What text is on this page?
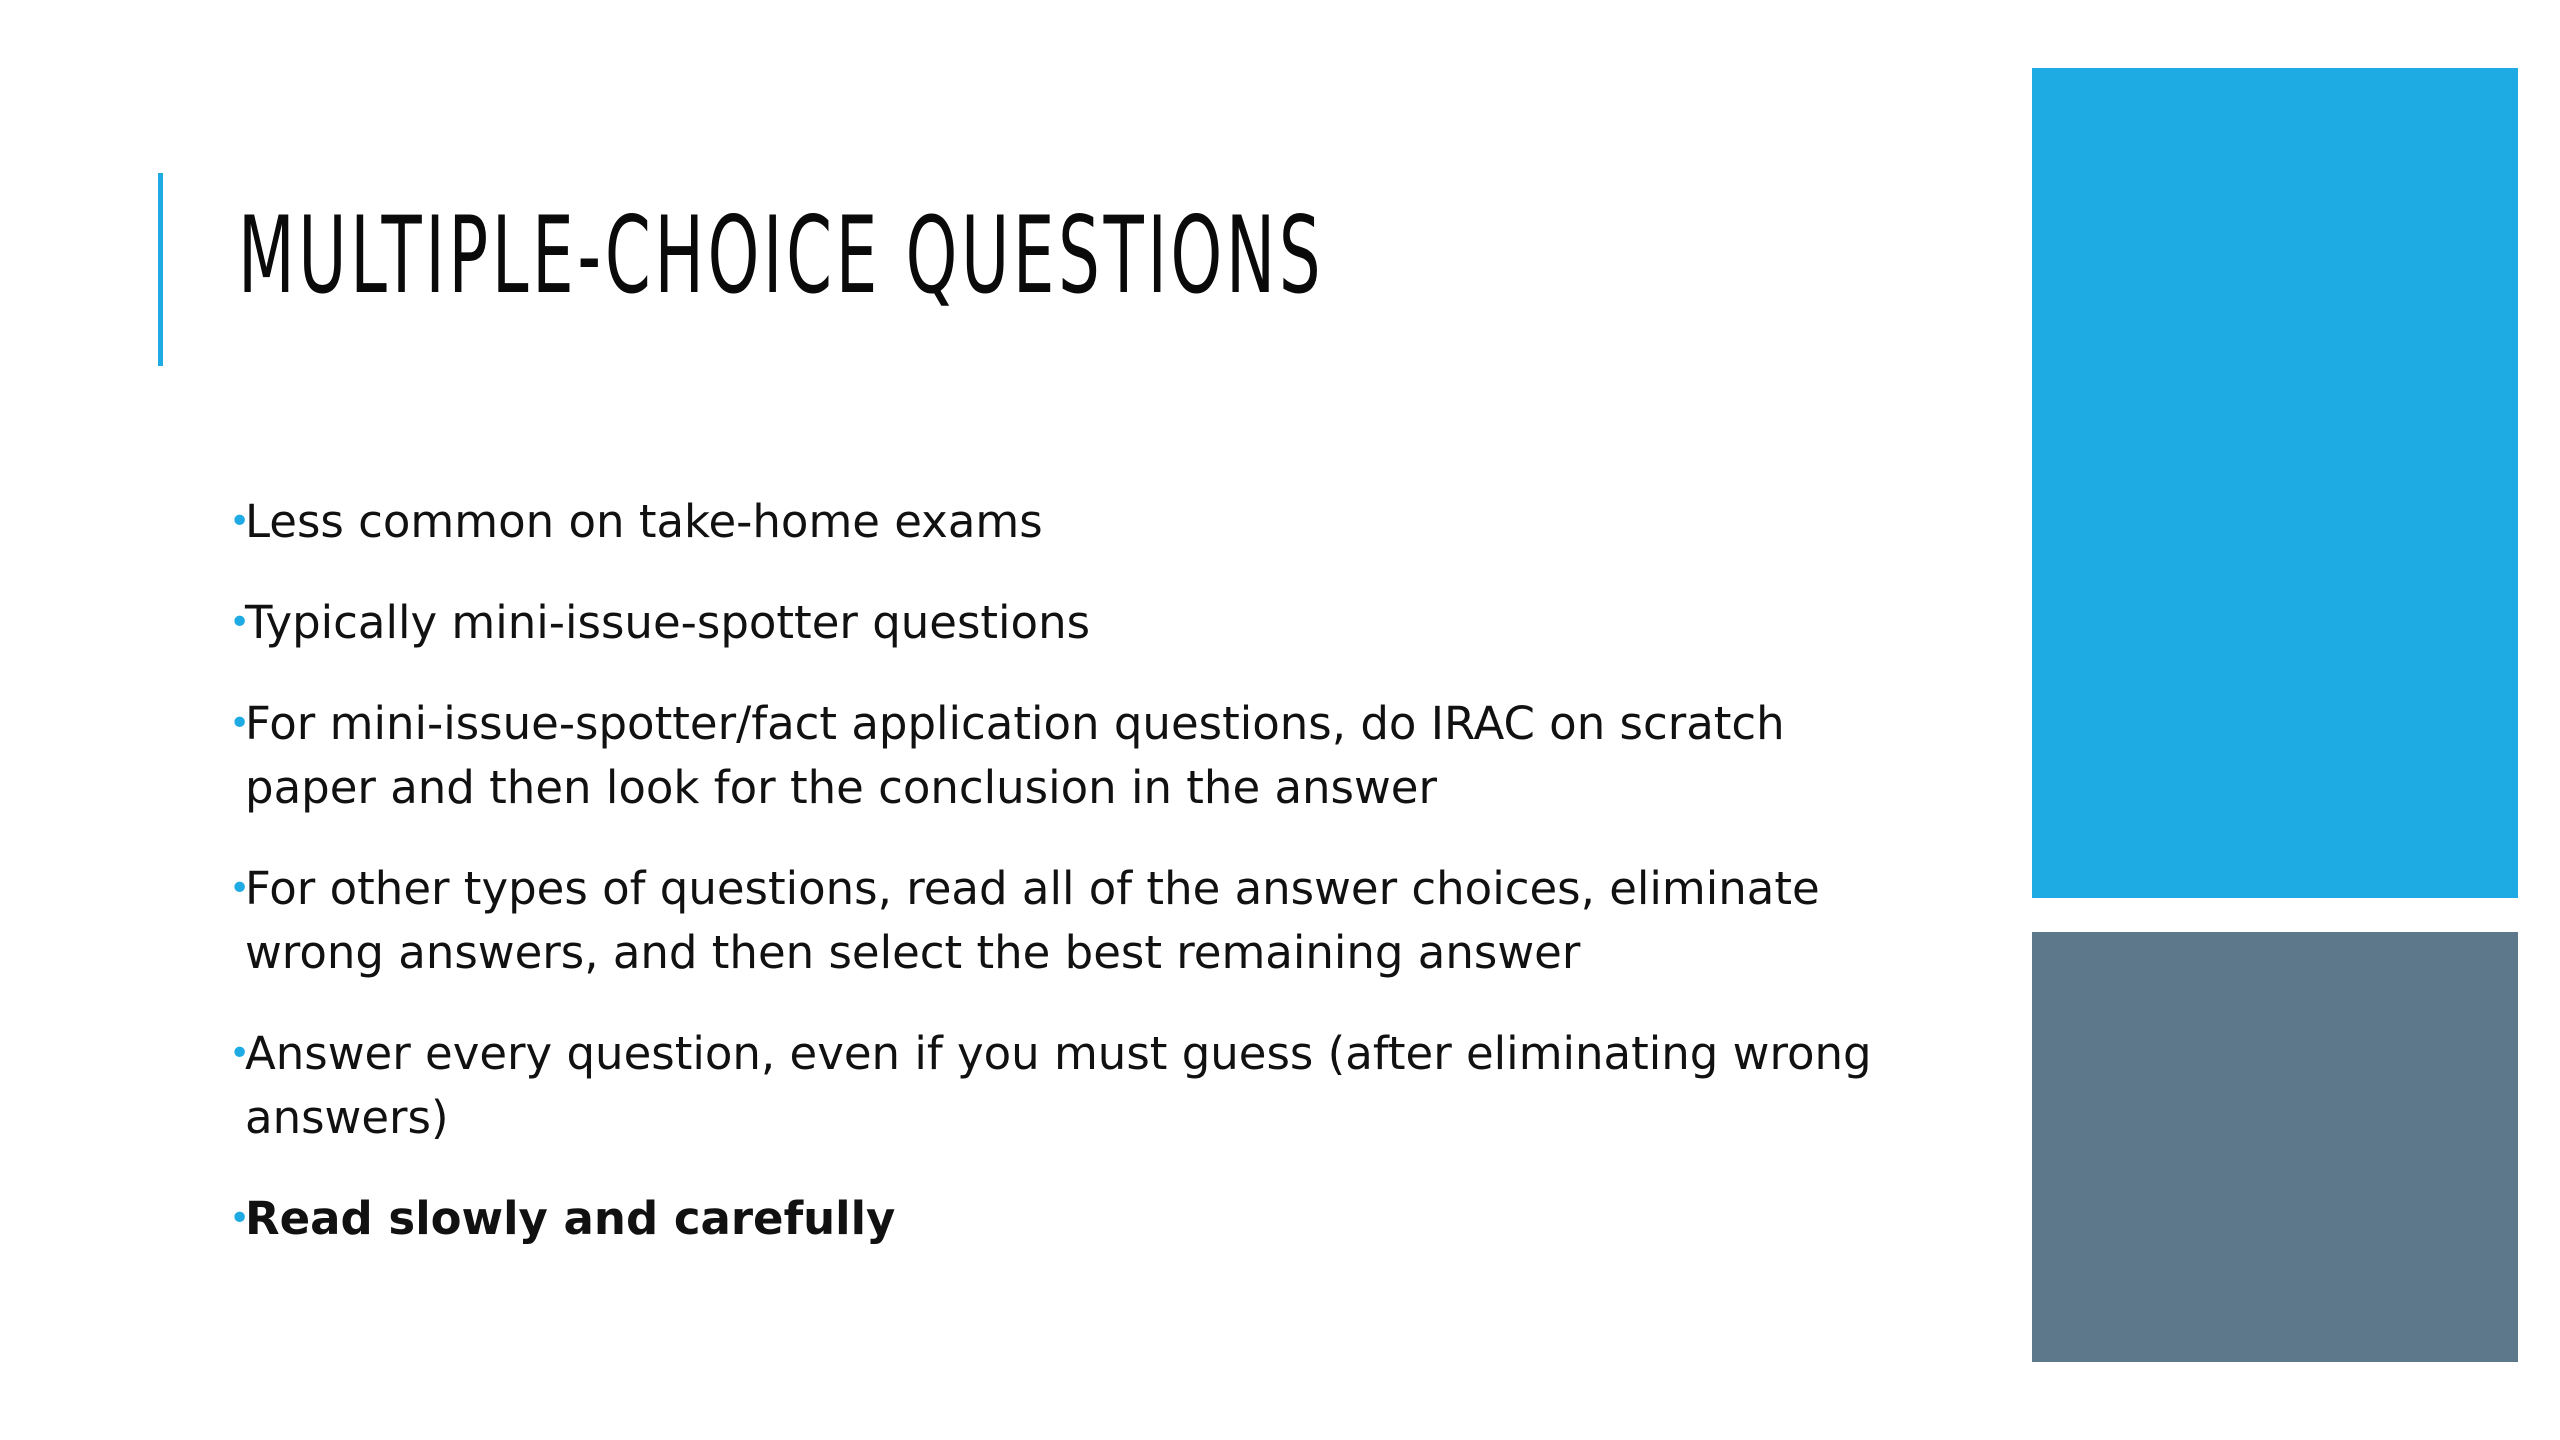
MULTIPLE-CHOICE QUESTIONS
•
Less common on take-home exams
•
Typically mini-issue-spotter questions
•
For mini-issue-spotter/fact application questions, do IRAC on scratch paper and then look for the conclusion in the answer
•
For other types of questions, read all of the answer choices, eliminate wrong answers, and then select the best remaining answer
•
Answer every question, even if you must guess (after eliminating wrong answers)
•
Read slowly and carefully
